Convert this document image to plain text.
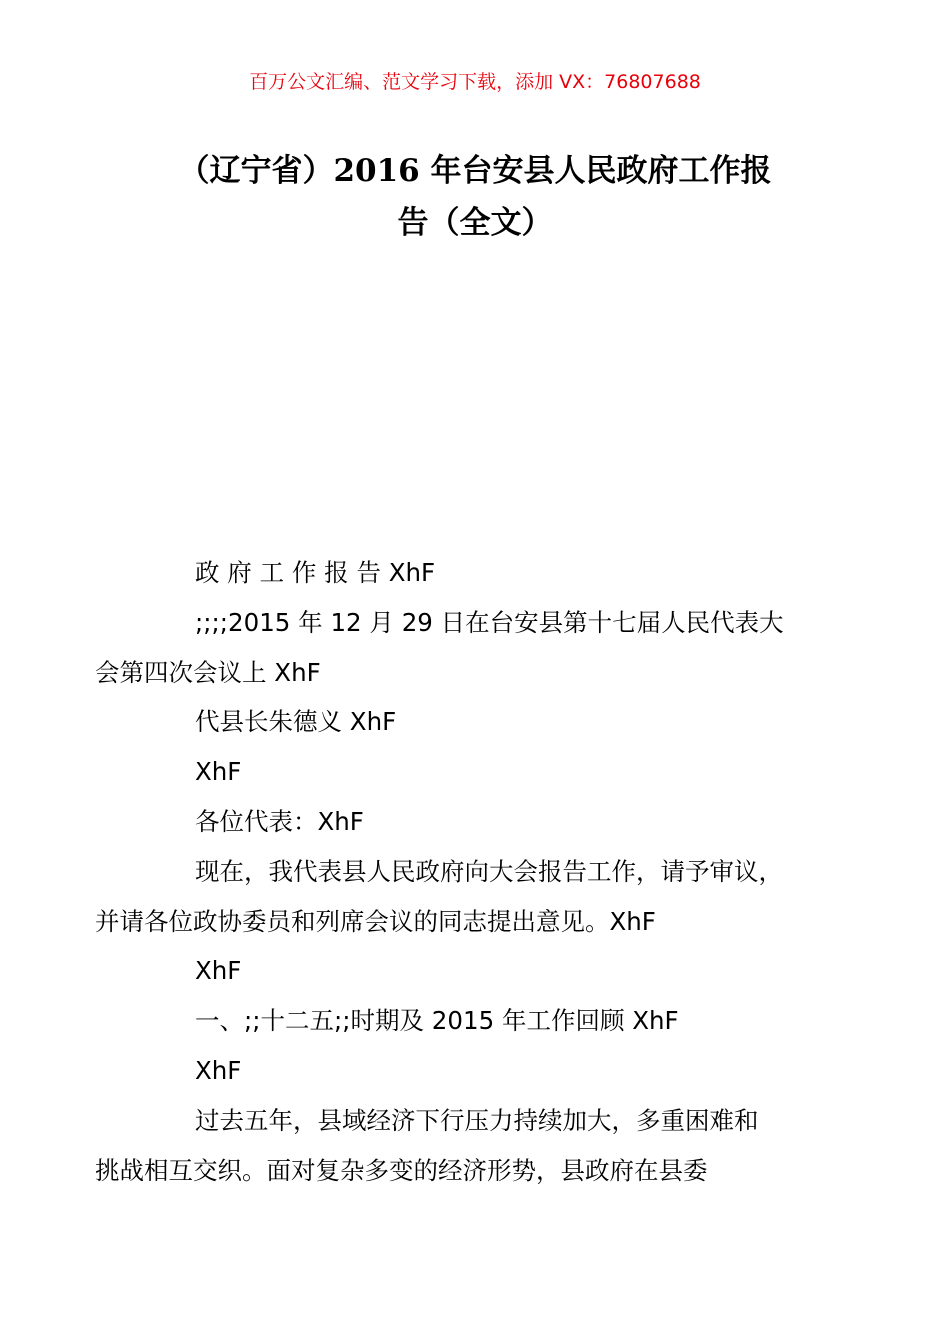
百万公文汇编、范文学习下载，添加 VX：76807688
（辽宁省）2016 年台安县人民政府工作报
告（全文）

政 府 工 作 报 告 XhF

;;;;2015 年 12 月 29 日在台安县第十七届人民代表大
会第四次会议上 XhF

代县长朱德义 XhF

XhF

各位代表：XhF

现在，我代表县人民政府向大会报告工作，请予审议，
并请各位政协委员和列席会议的同志提出意见。XhF

XhF

一、;;十二五;;时期及 2015 年工作回顾 XhF

XhF

过去五年，县域经济下行压力持续加大，多重困难和
挑战相互交织。面对复杂多变的经济形势，县政府在县委
